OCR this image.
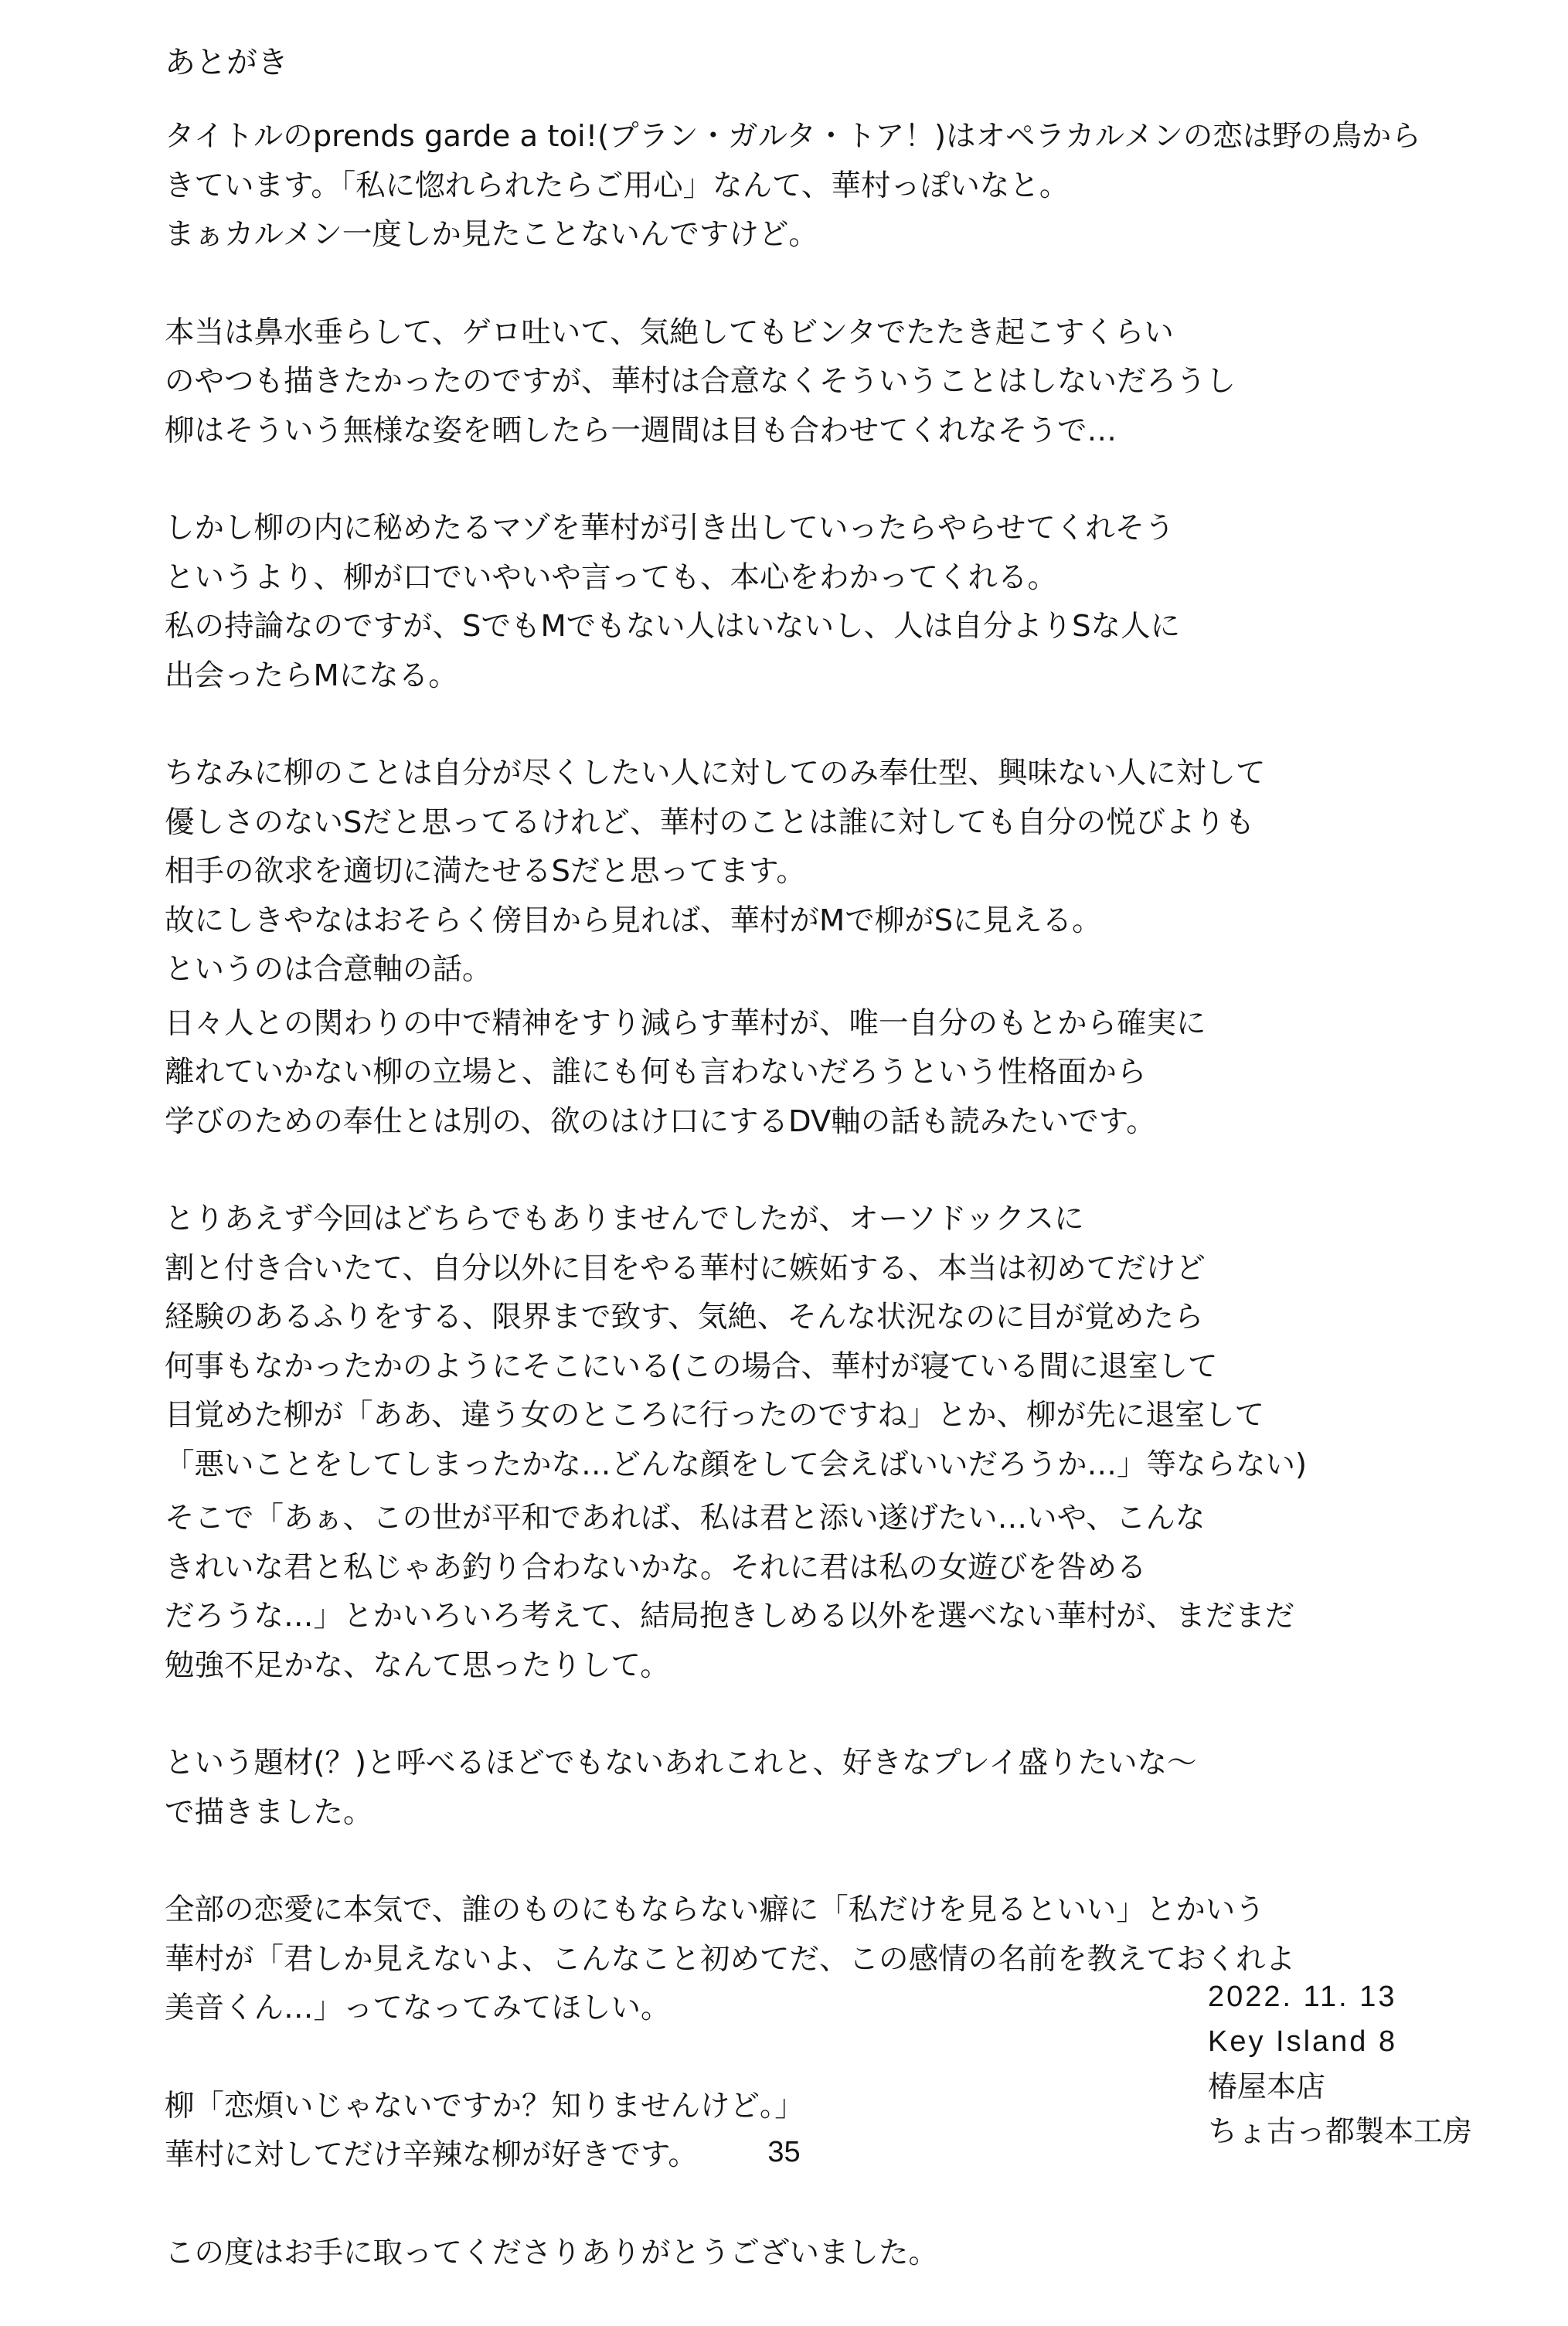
あとがき
タイトルのprends garde a toi!(プラン・ガルタ・トア！)はオペラカルメンの恋は野の鳥から
きています。「私に惚れられたらご用心」なんて、華村っぽいなと。
まぁカルメン一度しか見たことないんですけど。
本当は鼻水垂らして、ゲロ吐いて、気絶してもビンタでたたき起こすくらい
のやつも描きたかったのですが、華村は合意なくそういうことはしないだろうし
柳はそういう無様な姿を晒したら一週間は目も合わせてくれなそうで…
しかし柳の内に秘めたるマゾを華村が引き出していったらやらせてくれそう
というより、柳が口でいやいや言っても、本心をわかってくれる。
私の持論なのですが、SでもMでもない人はいないし、人は自分よりSな人に
出会ったらMになる。
ちなみに柳のことは自分が尽くしたい人に対してのみ奉仕型、興味ない人に対して
優しさのないSだと思ってるけれど、華村のことは誰に対しても自分の悦びよりも
相手の欲求を適切に満たせるSだと思ってます。
故にしきやなはおそらく傍目から見れば、華村がMで柳がSに見える。
というのは合意軸の話。
日々人との関わりの中で精神をすり減らす華村が、唯一自分のもとから確実に
離れていかない柳の立場と、誰にも何も言わないだろうという性格面から
学びのための奉仕とは別の、欲のはけ口にするDV軸の話も読みたいです。
とりあえず今回はどちらでもありませんでしたが、オーソドックスに
割と付き合いたて、自分以外に目をやる華村に嫉妬する、本当は初めてだけど
経験のあるふりをする、限界まで致す、気絶、そんな状況なのに目が覚めたら
何事もなかったかのようにそこにいる(この場合、華村が寝ている間に退室して
目覚めた柳が「ああ、違う女のところに行ったのですね」とか、柳が先に退室して
「悪いことをしてしまったかな…どんな顔をして会えばいいだろうか…」等ならない)
そこで「あぁ、この世が平和であれば、私は君と添い遂げたい…いや、こんな
きれいな君と私じゃあ釣り合わないかな。それに君は私の女遊びを咎める
だろうな…」とかいろいろ考えて、結局抱きしめる以外を選べない華村が、まだまだ
勉強不足かな、なんて思ったりして。
という題材(？)と呼べるほどでもないあれこれと、好きなプレイ盛りたいな～
で描きました。
全部の恋愛に本気で、誰のものにもならない癖に「私だけを見るといい」とかいう
華村が「君しか見えないよ、こんなこと初めてだ、この感情の名前を教えておくれよ
美音くん…」ってなってみてほしい。
柳「恋煩いじゃないですか？知りませんけど。」
華村に対してだけ辛辣な柳が好きです。
この度はお手に取ってくださりありがとうございました。
2022. 11. 13
Key Island 8
椿屋本店
ちょ古っ都製本工房
35
